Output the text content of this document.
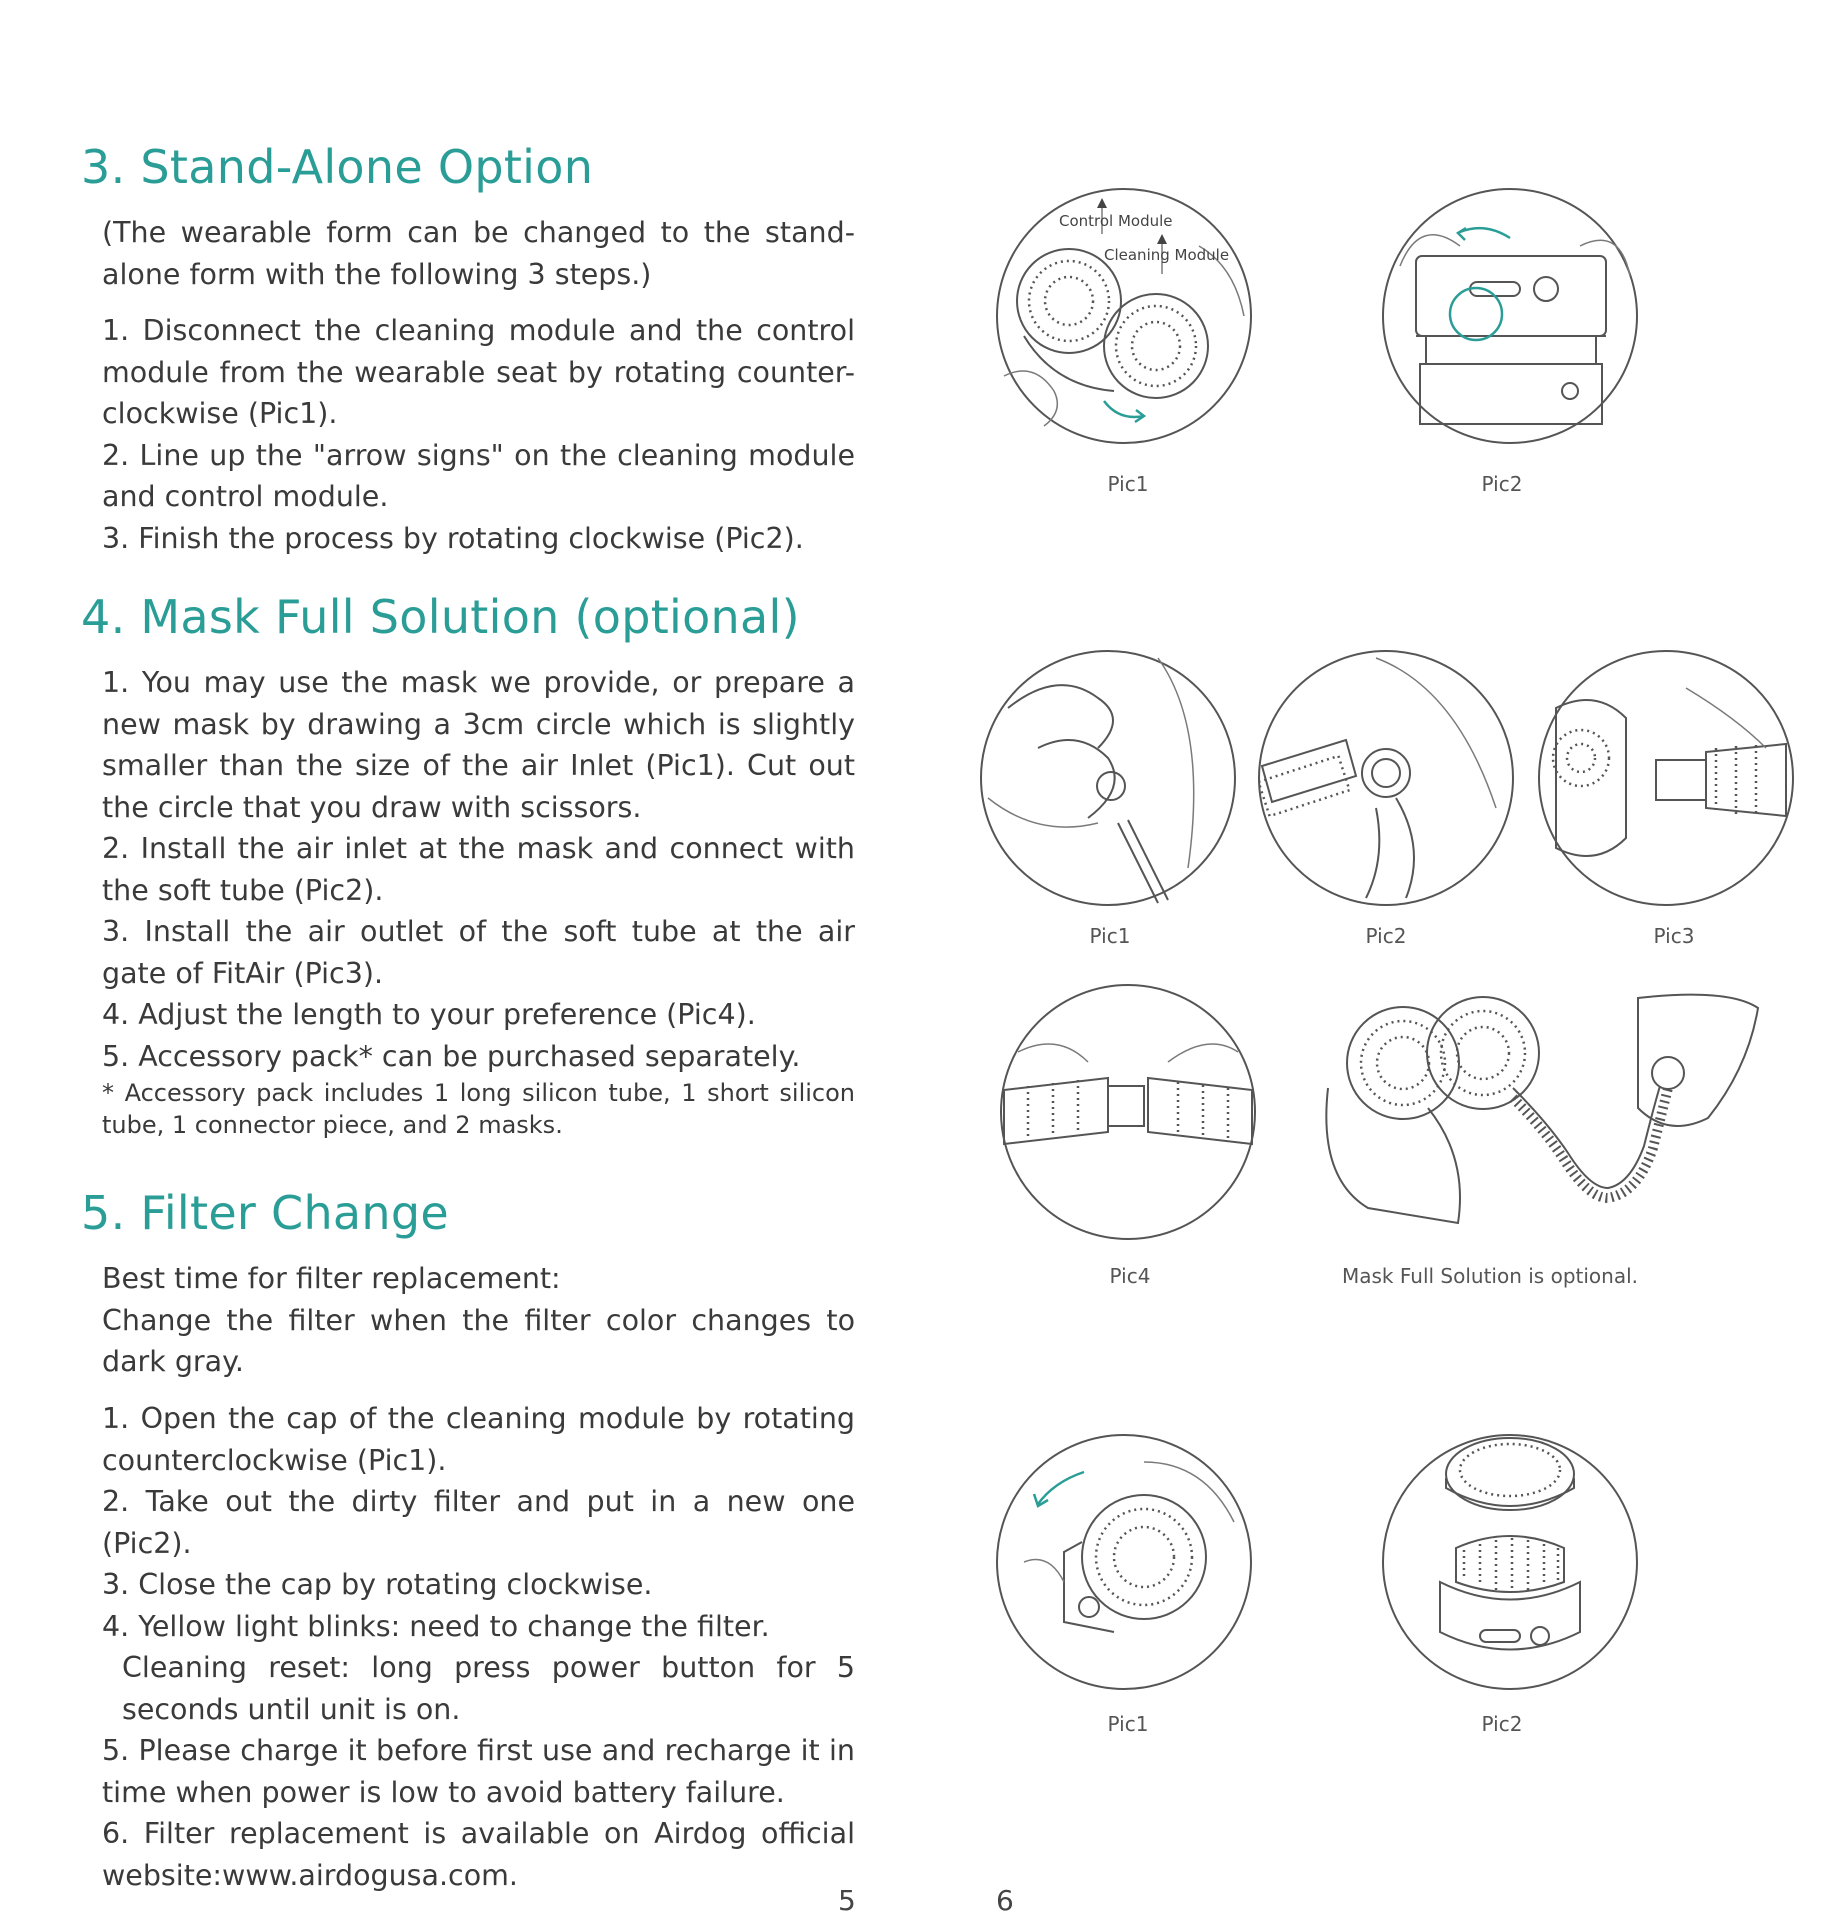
3. Stand-Alone Option

(The wearable form can be changed to the stand-alone form with the following 3 steps.)

1. Disconnect the cleaning module and the control module from the wearable seat by rotating counter-clockwise (Pic1).

2. Line up the "arrow signs" on the cleaning module and control module.

3. Finish the process by rotating clockwise (Pic2).

4. Mask Full Solution (optional)

1. You may use the mask we provide, or prepare a new mask by drawing a 3cm circle which is slightly smaller than the size of the air Inlet (Pic1). Cut out the circle that you draw with scissors.

2. Install the air inlet at the mask and connect with the soft tube (Pic2).

3. Install the air outlet of the soft tube at the air gate of FitAir (Pic3).

4. Adjust the length to your preference (Pic4).

5. Accessory pack* can be purchased separately.

* Accessory pack includes 1 long silicon tube, 1 short silicon tube, 1 connector piece, and 2 masks.

5. Filter Change

Best time for filter replacement:

Change the filter when the filter color changes to dark gray.

1. Open the cap of the cleaning module by rotating counterclockwise (Pic1).

2. Take out the dirty filter and put in a new one (Pic2).

3. Close the cap by rotating clockwise.

4. Yellow light blinks: need to change the filter.

Cleaning reset: long press power button for 5 seconds until unit is on.

5. Please charge it before first use and recharge it in time when power is low to avoid battery failure.

6. Filter replacement is available on Airdog official website:www.airdogusa.com.

5	6
Control Module
Cleaning Module
Pic1	Pic2
Pic1	Pic2	Pic3
Pic4	Mask Full Solution is optional.
Pic1	Pic2
